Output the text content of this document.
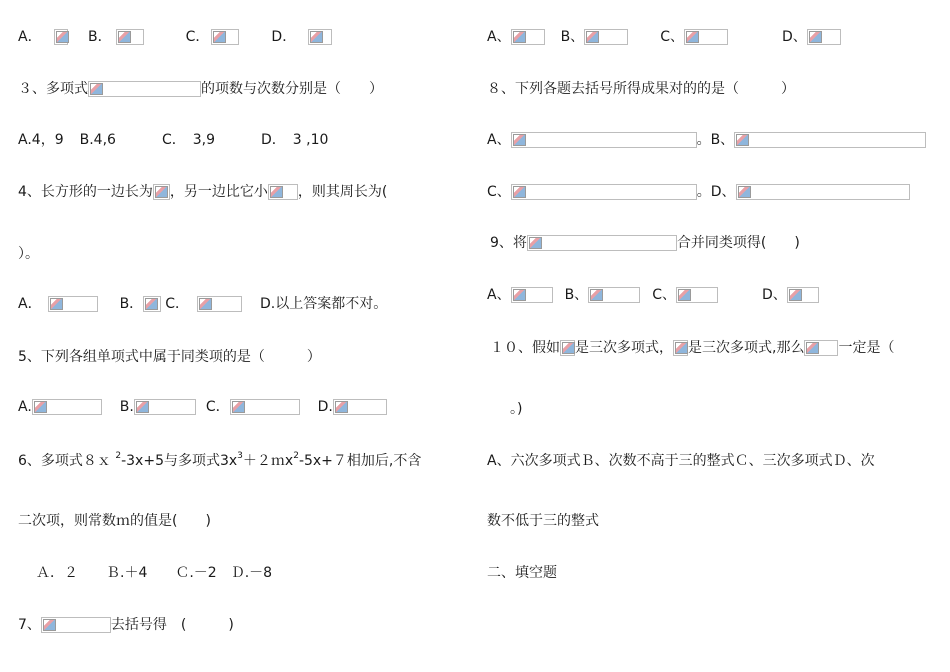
A．	B．	C．	D．
３、多项式	的项数与次数分别是（　　）
A.4，9 B.4,6	C．　3,9	D．　3 ,10
4、长方形的一边长为 ，另一边比它小 ，则其周长为(
）。
A．	B． C．	D.以上答案都不对。
5、下列各组单项式中属于同类项的是（　　　）
A.	B.	C．	D.
6、多项式８ｘ $^2$ -3x+5与多项式$3x^3$ ＋２ｍx$^2$ -5x+７相加后,不含
二次项，则常数ｍ的值是(　　)
Ａ．２　　Ｂ.＋4　　Ｃ.－2　Ｄ.－8
7、	去括号得　(　　　)
A、	B、	C、	D、
８、下列各题去括号所得成果对的的是（　　　）
A、	。B、
C、	。D、
9、将	合并同类项得(　　)
A、	B、	C、	D、
１０、假如 是三次多项式， 是三次多项式,那么 一定是（
。)
A、六次多项式Ｂ、次数不高于三的整式Ｃ、三次多项式Ｄ、次
数不低于三的整式
二、填空题
